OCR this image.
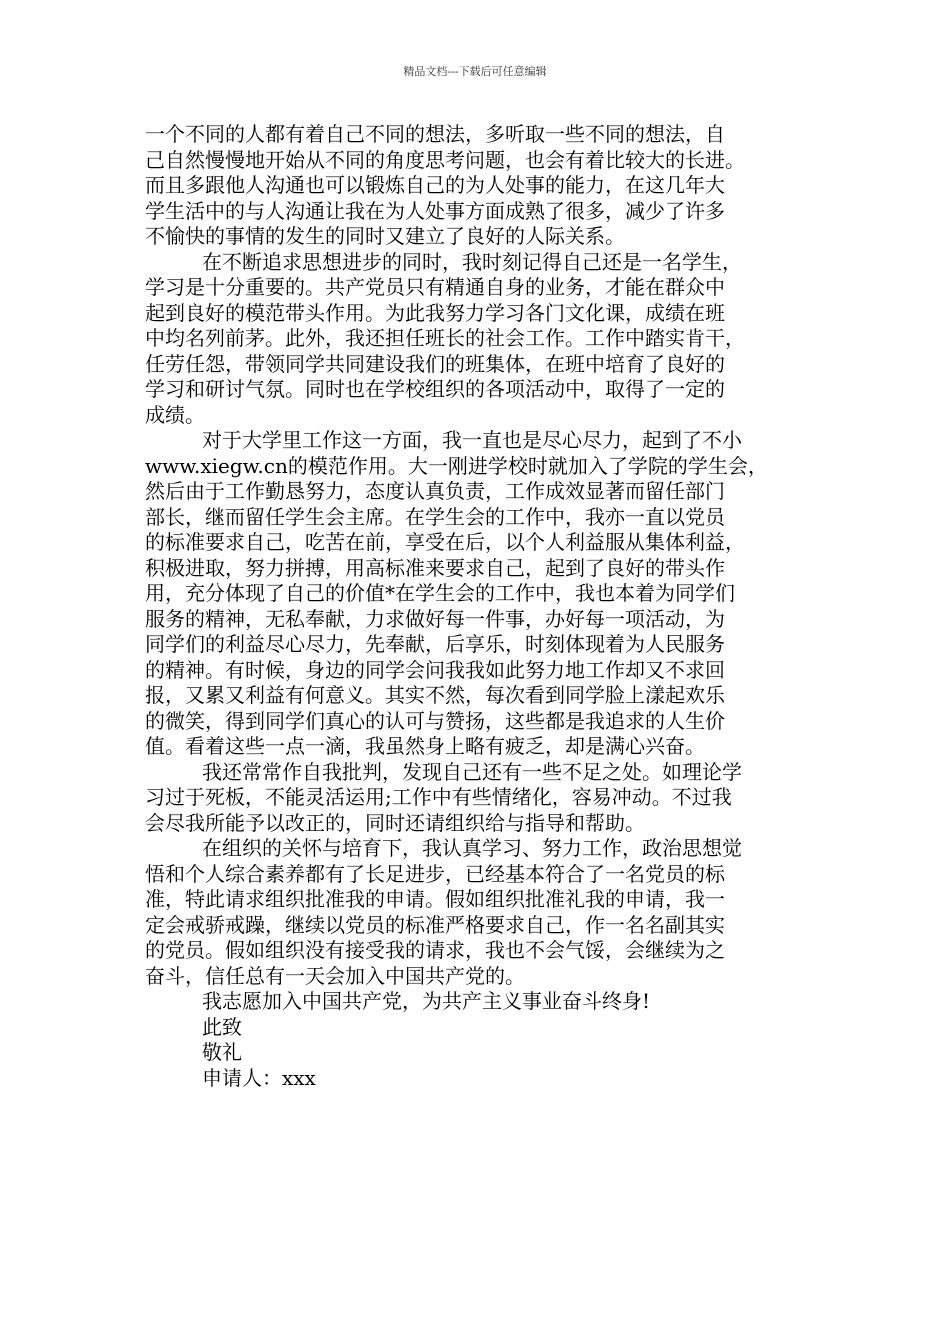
精品文档---下载后可任意编辑
一个不同的人都有着自己不同的想法，多听取一些不同的想法，自
己自然慢慢地开始从不同的角度思考问题，也会有着比较大的长进。
而且多跟他人沟通也可以锻炼自己的为人处事的能力，在这几年大
学生活中的与人沟通让我在为人处事方面成熟了很多，减少了许多
不愉快的事情的发生的同时又建立了良好的人际关系。
在不断追求思想进步的同时，我时刻记得自己还是一名学生，
学习是十分重要的。共产党员只有精通自身的业务，才能在群众中
起到良好的模范带头作用。为此我努力学习各门文化课，成绩在班
中均名列前茅。此外，我还担任班长的社会工作。工作中踏实肯干，
任劳任怨，带领同学共同建设我们的班集体，在班中培育了良好的
学习和研讨气氛。同时也在学校组织的各项活动中，取得了一定的
成绩。
对于大学里工作这一方面，我一直也是尽心尽力，起到了不小
www.xiegw.cn的模范作用。大一刚进学校时就加入了学院的学生会，
然后由于工作勤恳努力，态度认真负责，工作成效显著而留任部门
部长，继而留任学生会主席。在学生会的工作中，我亦一直以党员
的标准要求自己，吃苦在前，享受在后，以个人利益服从集体利益，
积极进取，努力拼搏，用高标准来要求自己，起到了良好的带头作
用，充分体现了自己的价值*在学生会的工作中，我也本着为同学们
服务的精神，无私奉献，力求做好每一件事，办好每一项活动，为
同学们的利益尽心尽力，先奉献，后享乐，时刻体现着为人民服务
的精神。有时候，身边的同学会问我我如此努力地工作却又不求回
报，又累又利益有何意义。其实不然，每次看到同学脸上漾起欢乐
的微笑，得到同学们真心的认可与赞扬，这些都是我追求的人生价
值。看着这些一点一滴，我虽然身上略有疲乏，却是满心兴奋。
我还常常作自我批判，发现自己还有一些不足之处。如理论学
习过于死板，不能灵活运用;工作中有些情绪化，容易冲动。不过我
会尽我所能予以改正的，同时还请组织给与指导和帮助。
在组织的关怀与培育下，我认真学习、努力工作，政治思想觉
悟和个人综合素养都有了长足进步，已经基本符合了一名党员的标
准，特此请求组织批准我的申请。假如组织批准礼我的申请，我一
定会戒骄戒躁，继续以党员的标准严格要求自己，作一名名副其实
的党员。假如组织没有接受我的请求，我也不会气馁，会继续为之
奋斗，信任总有一天会加入中国共产党的。
我志愿加入中国共产党，为共产主义事业奋斗终身!
此致
敬礼
申请人：xxx
